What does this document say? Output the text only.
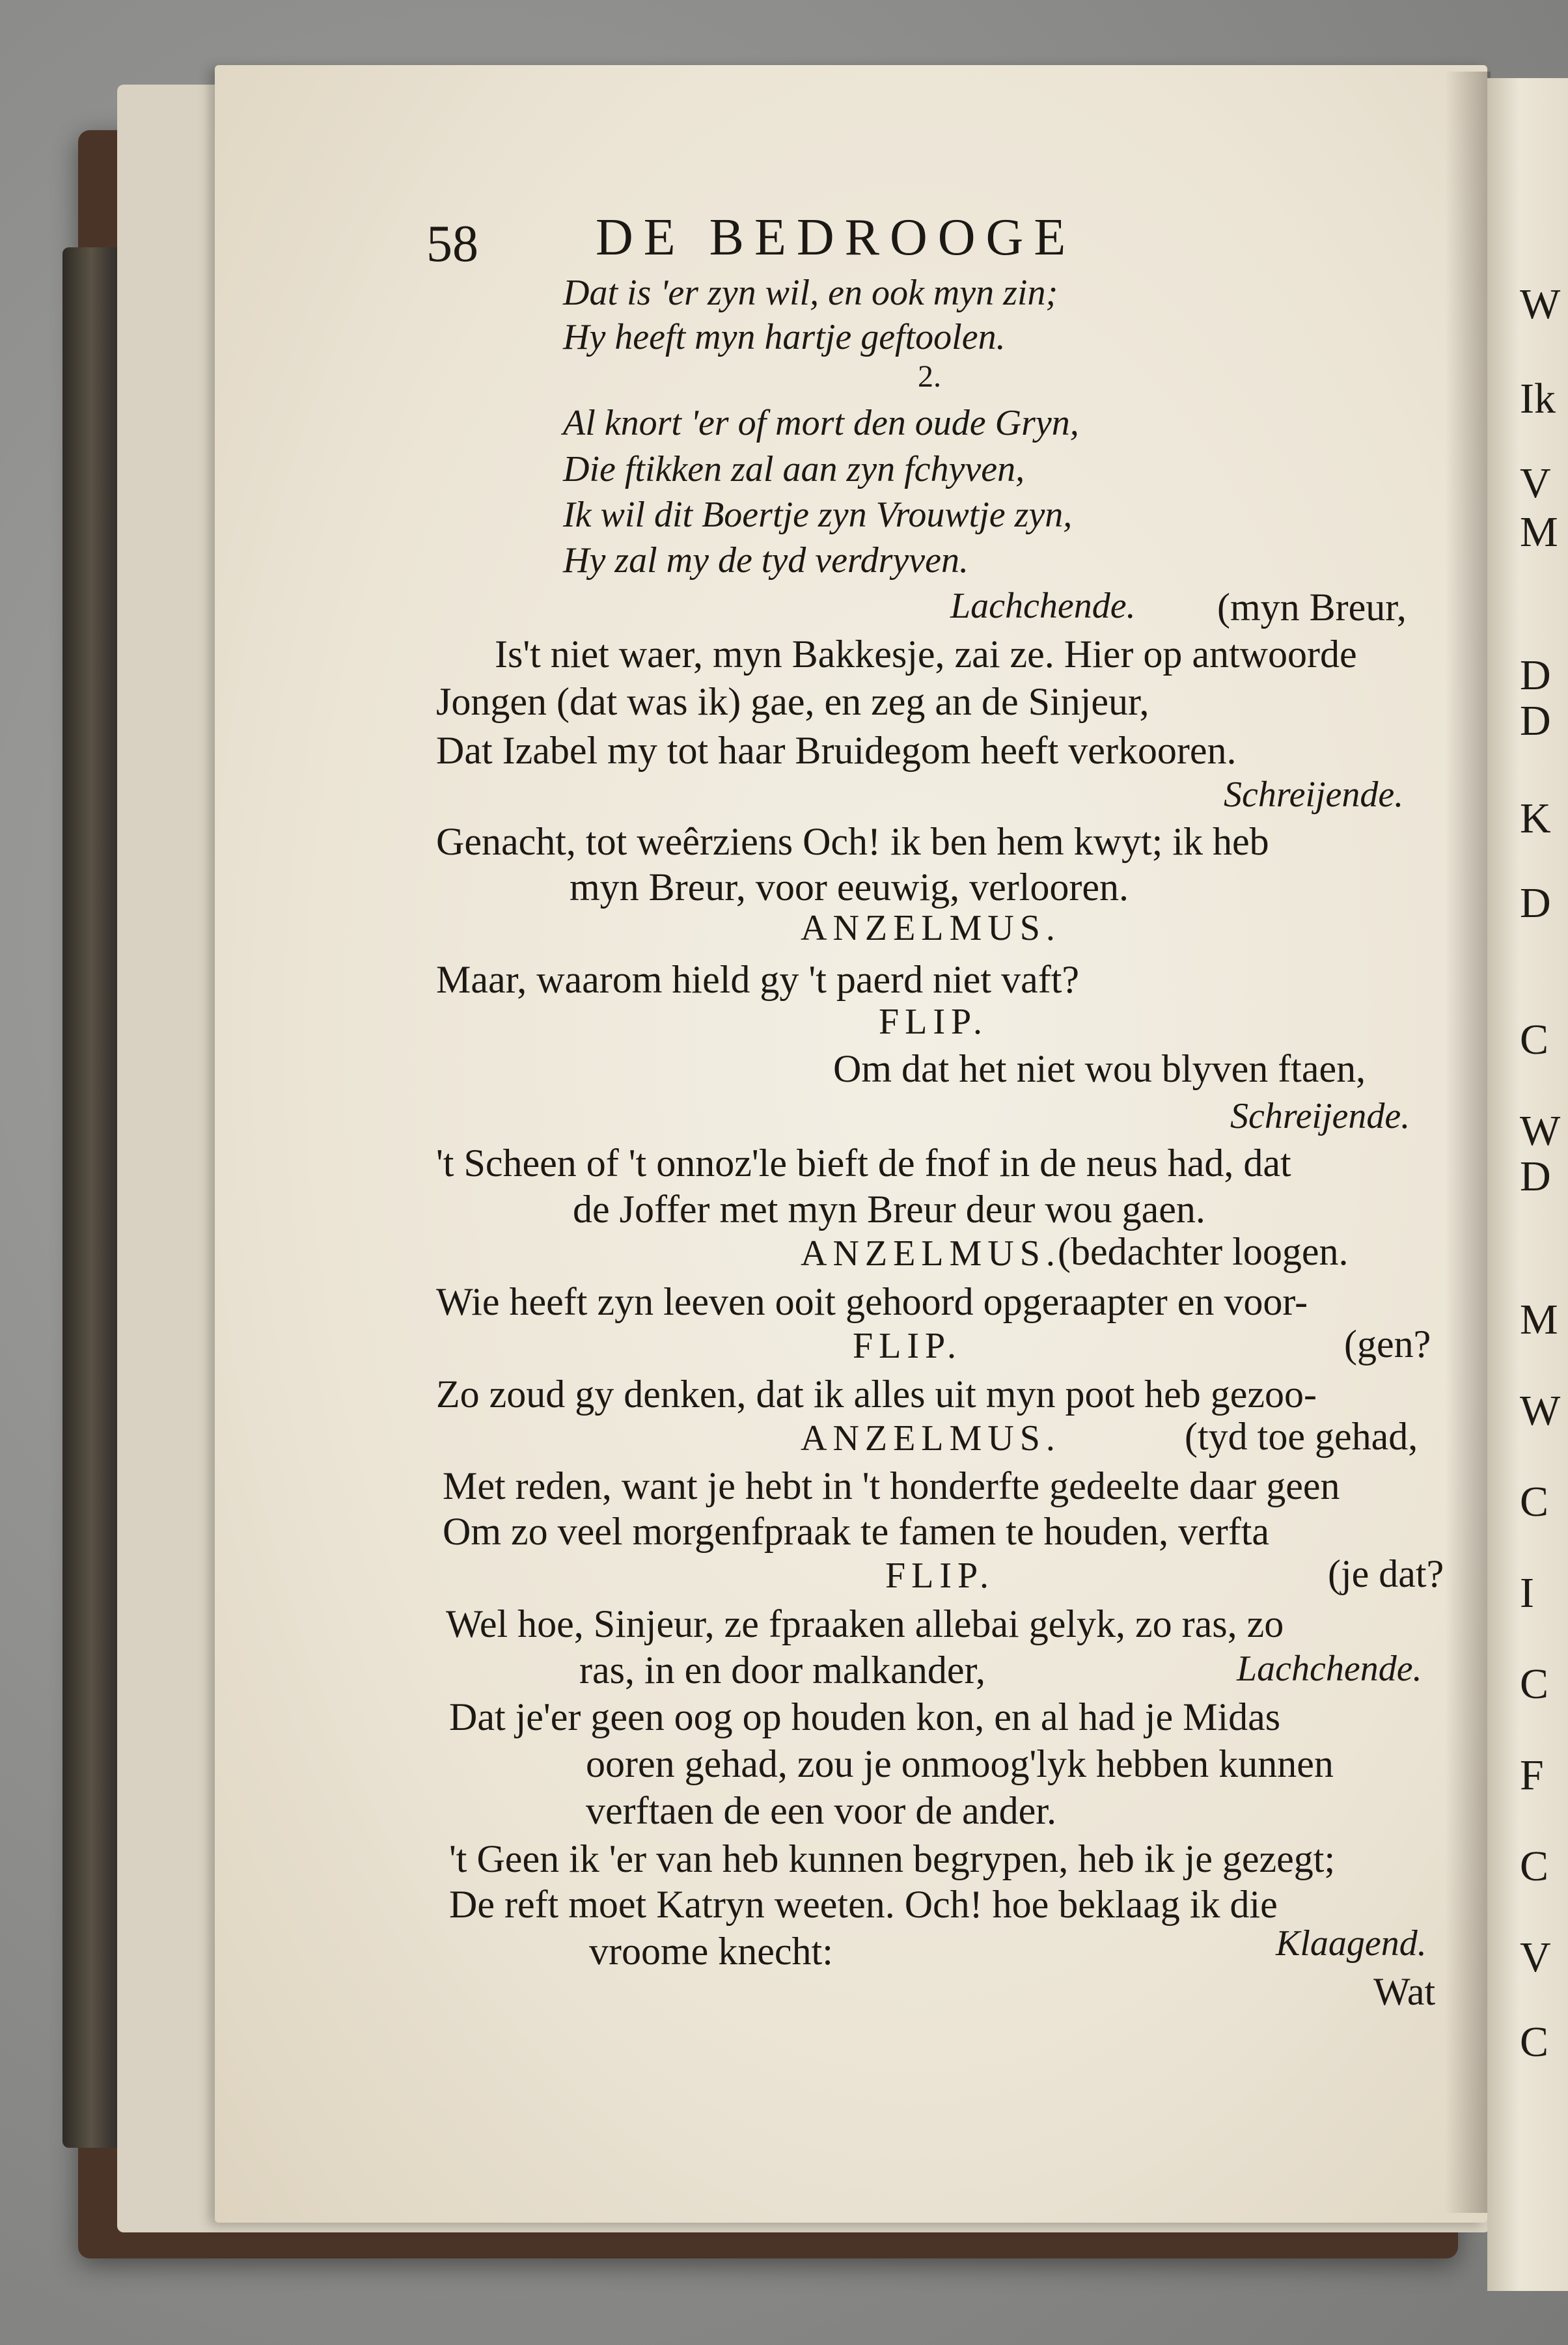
W
Ik
V
M
D
D
K
D
C
W
D
M
W
C
I
C
F
C
V
C
58 DE BEDROOGE
Dat is 'er zyn wil, en ook myn zin;
Hy heeft myn hartje geftoolen.
2.
Al knort 'er of mort den oude Gryn,
Die ftikken zal aan zyn fchyven,
Ik wil dit Boertje zyn Vrouwtje zyn,
Hy zal my de tyd verdryven.
Lachchende. (myn Breur,
Is't niet waer, myn Bakkesje, zai ze. Hier op antwoorde
Jongen (dat was ik) gae, en zeg an de Sinjeur,
Dat Izabel my tot haar Bruidegom heeft verkooren.
Schreijende.
Genacht, tot weêrziens Och! ik ben hem kwyt; ik heb
myn Breur, voor eeuwig, verlooren.
ANZELMUS.
Maar, waarom hield gy 't paerd niet vaft?
FLIP.
Om dat het niet wou blyven ftaen,
Schreijende.
't Scheen of 't onnoz'le bieft de fnof in de neus had, dat
de Joffer met myn Breur deur wou gaen.
ANZELMUS.
(bedachter loogen.
Wie heeft zyn leeven ooit gehoord opgeraapter en voor-
FLIP.	(gen?
Zo zoud gy denken, dat ik alles uit myn poot heb gezoo-
ANZELMUS.	(tyd toe gehad,
Met reden, want je hebt in 't honderfte gedeelte daar geen
Om zo veel morgenfpraak te famen te houden, verfta
FLIP.	(je dat?
Wel hoe, Sinjeur, ze fpraaken allebai gelyk, zo ras, zo
ras, in en door malkander,	Lachchende.
Dat je'er geen oog op houden kon, en al had je Midas
ooren gehad, zou je onmoog'lyk hebben kunnen
verftaen de een voor de ander.
't Geen ik 'er van heb kunnen begrypen, heb ik je gezegt;
De reft moet Katryn weeten. Och! hoe beklaag ik die
vroome knecht:	Klaagend.
Wat
